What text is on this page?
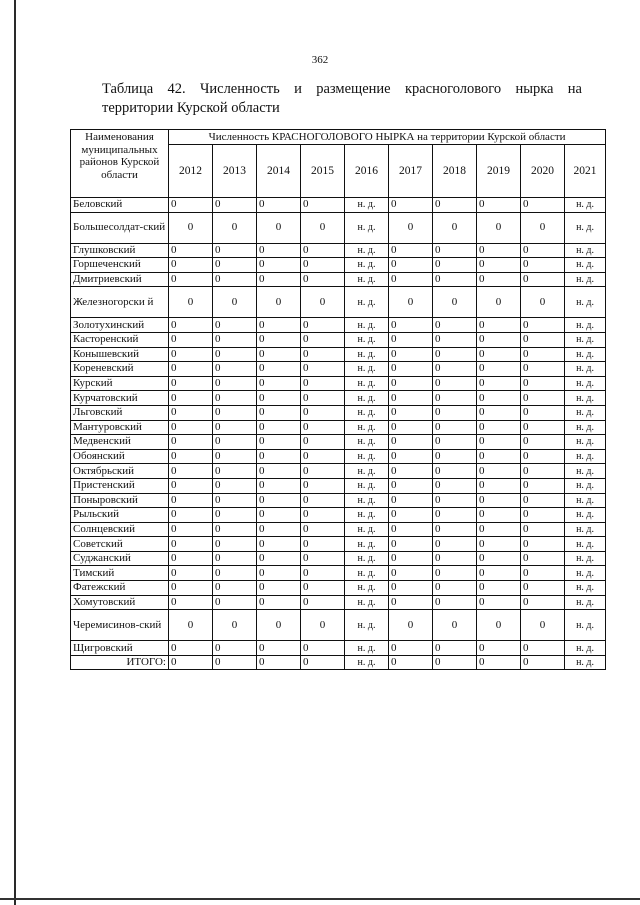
362
Таблица 42. Численность и размещение красноголового нырка на
территории Курской области
Наименования муниципальных районов Курской области	Численность КРАСНОГОЛОВОГО НЫРКА на территории Курской области									
	2012	2013	2014	2015	2016	2017	2018	2019	2020	2021
Беловский	0	0	0	0	н. д.	0	0	0	0	н. д.
Большесолдат-ский	0	0	0	0	н. д.	0	0	0	0	н. д.
Глушковский	0	0	0	0	н. д.	0	0	0	0	н. д.
Горшеченский	0	0	0	0	н. д.	0	0	0	0	н. д.
Дмитриевский	0	0	0	0	н. д.	0	0	0	0	н. д.
Железногорски й	0	0	0	0	н. д.	0	0	0	0	н. д.
Золотухинский	0	0	0	0	н. д.	0	0	0	0	н. д.
Касторенский	0	0	0	0	н. д.	0	0	0	0	н. д.
Конышевский	0	0	0	0	н. д.	0	0	0	0	н. д.
Кореневский	0	0	0	0	н. д.	0	0	0	0	н. д.
Курский	0	0	0	0	н. д.	0	0	0	0	н. д.
Курчатовский	0	0	0	0	н. д.	0	0	0	0	н. д.
Льговский	0	0	0	0	н. д.	0	0	0	0	н. д.
Мантуровский	0	0	0	0	н. д.	0	0	0	0	н. д.
Медвенский	0	0	0	0	н. д.	0	0	0	0	н. д.
Обоянский	0	0	0	0	н. д.	0	0	0	0	н. д.
Октябрьский	0	0	0	0	н. д.	0	0	0	0	н. д.
Пристенский	0	0	0	0	н. д.	0	0	0	0	н. д.
Поныровский	0	0	0	0	н. д.	0	0	0	0	н. д.
Рыльский	0	0	0	0	н. д.	0	0	0	0	н. д.
Солнцевский	0	0	0	0	н. д.	0	0	0	0	н. д.
Советский	0	0	0	0	н. д.	0	0	0	0	н. д.
Суджанский	0	0	0	0	н. д.	0	0	0	0	н. д.
Тимский	0	0	0	0	н. д.	0	0	0	0	н. д.
Фатежский	0	0	0	0	н. д.	0	0	0	0	н. д.
Хомутовский	0	0	0	0	н. д.	0	0	0	0	н. д.
Черемисинов-ский	0	0	0	0	н. д.	0	0	0	0	н. д.
Щигровский	0	0	0	0	н. д.	0	0	0	0	н. д.
ИТОГО:	0	0	0	0	н. д.	0	0	0	0	н. д.
